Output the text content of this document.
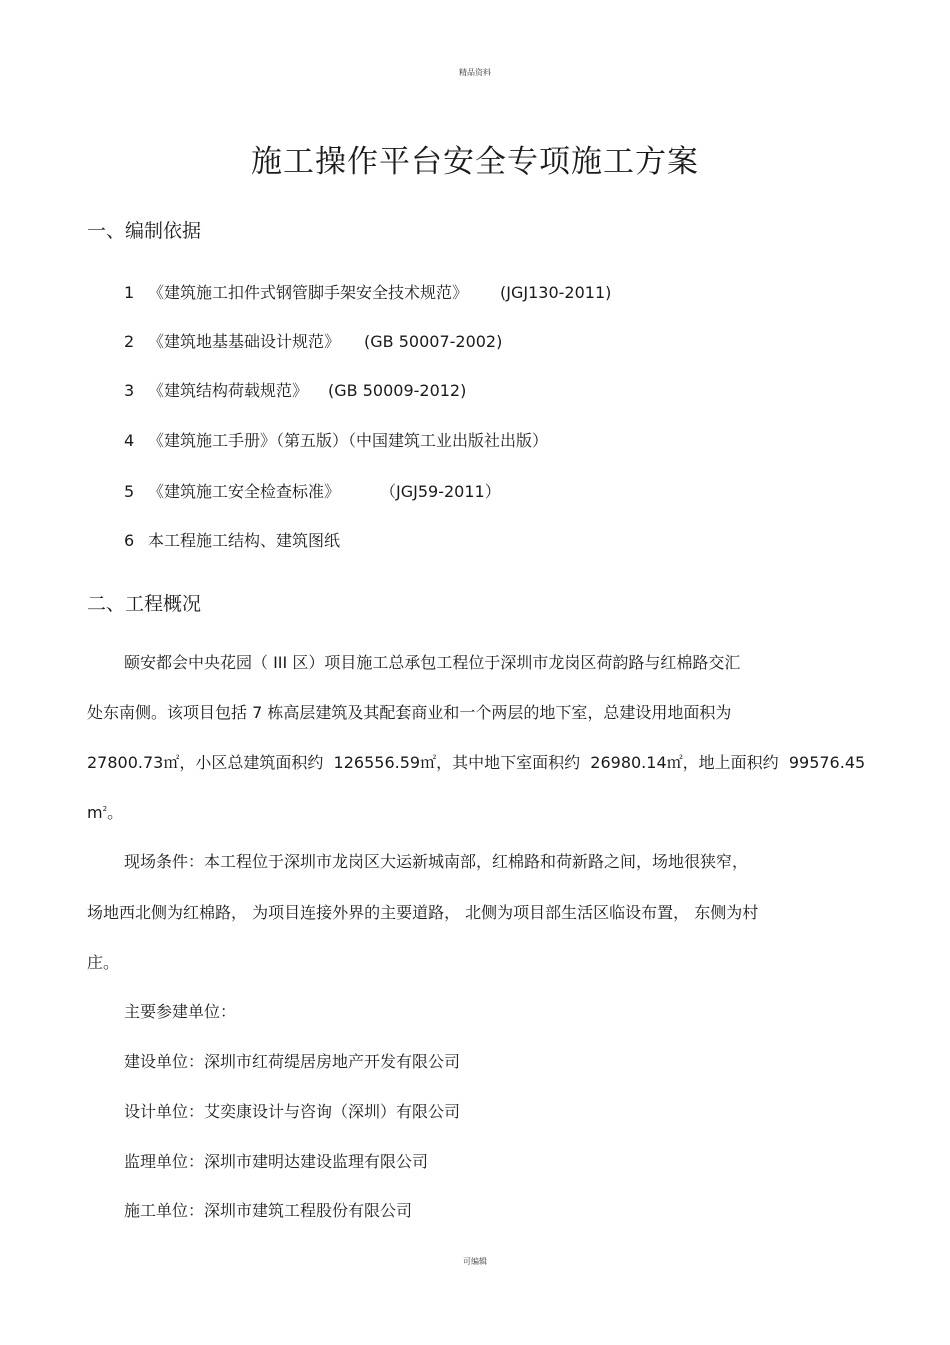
精品资料
施工操作平台安全专项施工方案
一、编制依据
1 《建筑施工扣件式钢管脚手架安全技术规范》 (JGJ130-2011)
2 《建筑地基基础设计规范》 (GB 50007-2002)
3 《建筑结构荷载规范》 (GB 50009-2012)
4 《建筑施工手册》（第五版）（中国建筑工业出版社出版）
5 《建筑施工安全检查标准》	（JGJ59-2011）
6 本工程施工结构、建筑图纸
二、工程概况
颐安都会中央花园（ III 区）项目施工总承包工程位于深圳市龙岗区荷韵路与红棉路交汇
处东南侧。该项目包括 7 栋高层建筑及其配套商业和一个两层的地下室，总建设用地面积为
27800.73㎡，小区总建筑面积约 126556.59㎡，其中地下室面积约 26980.14㎡，地上面积约 99576.45
$m^2$。
现场条件：本工程位于深圳市龙岗区大运新城南部，红棉路和荷新路之间，场地很狭窄，
场地西北侧为红棉路， 为项目连接外界的主要道路， 北侧为项目部生活区临设布置， 东侧为村
庄。
主要参建单位：
建设单位：深圳市红荷缇居房地产开发有限公司
设计单位：艾奕康设计与咨询（深圳）有限公司
监理单位：深圳市建明达建设监理有限公司
施工单位：深圳市建筑工程股份有限公司
可编辑
